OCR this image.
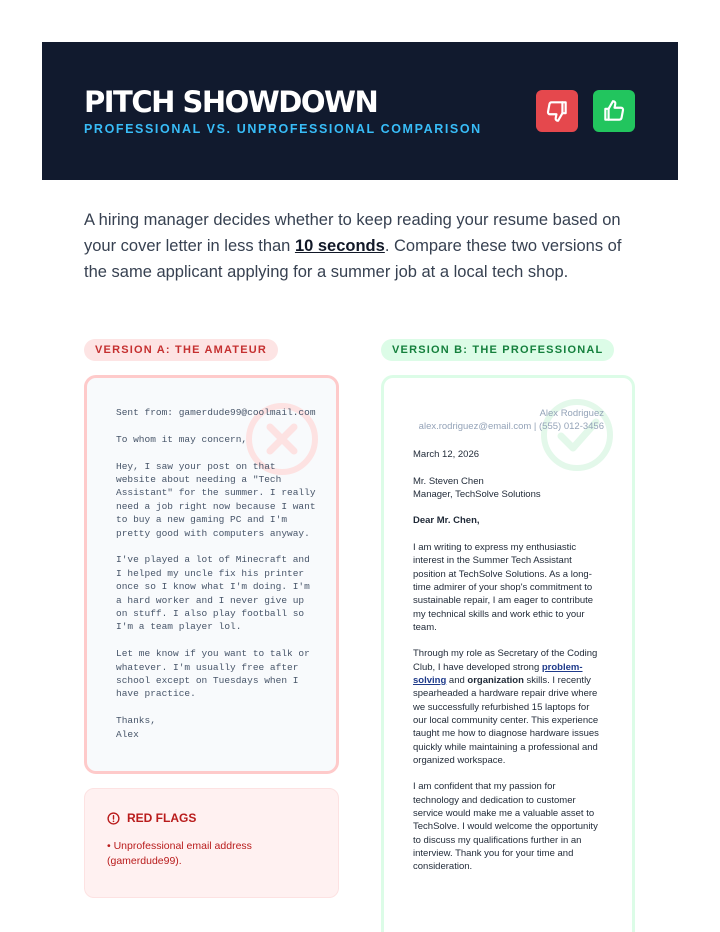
PITCH SHOWDOWN
PROFESSIONAL VS. UNPROFESSIONAL COMPARISON
A hiring manager decides whether to keep reading your resume based on your cover letter in less than 10 seconds. Compare these two versions of the same applicant applying for a summer job at a local tech shop.
VERSION A: THE AMATEUR	VERSION B: THE PROFESSIONAL

Sent from: gamerdude99@coolmail.com

To whom it may concern,

Hey, I saw your post on that
website about needing a "Tech
Assistant" for the summer. I really
need a job right now because I want
to buy a new gaming PC and I'm
pretty good with computers anyway.

I've played a lot of Minecraft and
I helped my uncle fix his printer
once so I know what I'm doing. I'm
a hard worker and I never give up
on stuff. I also play football so
I'm a team player lol.

Let me know if you want to talk or
whatever. I'm usually free after
school except on Tuesdays when I
have practice.

Thanks,
Alex

RED FLAGS
• Unprofessional email address (gamerdude99).
Alex Rodriguez
alex.rodriguez@email.com | (555) 012-3456

March 12, 2026

Mr. Steven Chen
Manager, TechSolve Solutions

Dear Mr. Chen,

I am writing to express my enthusiastic interest in the Summer Tech Assistant position at TechSolve Solutions. As a long-time admirer of your shop's commitment to sustainable repair, I am eager to contribute my technical skills and work ethic to your team.

Through my role as Secretary of the Coding Club, I have developed strong problem-solving and organization skills. I recently spearheaded a hardware repair drive where we successfully refurbished 15 laptops for our local community center. This experience taught me how to diagnose hardware issues quickly while maintaining a professional and organized workspace.

I am confident that my passion for technology and dedication to customer service would make me a valuable asset to TechSolve. I would welcome the opportunity to discuss my qualifications further in an interview. Thank you for your time and consideration.
